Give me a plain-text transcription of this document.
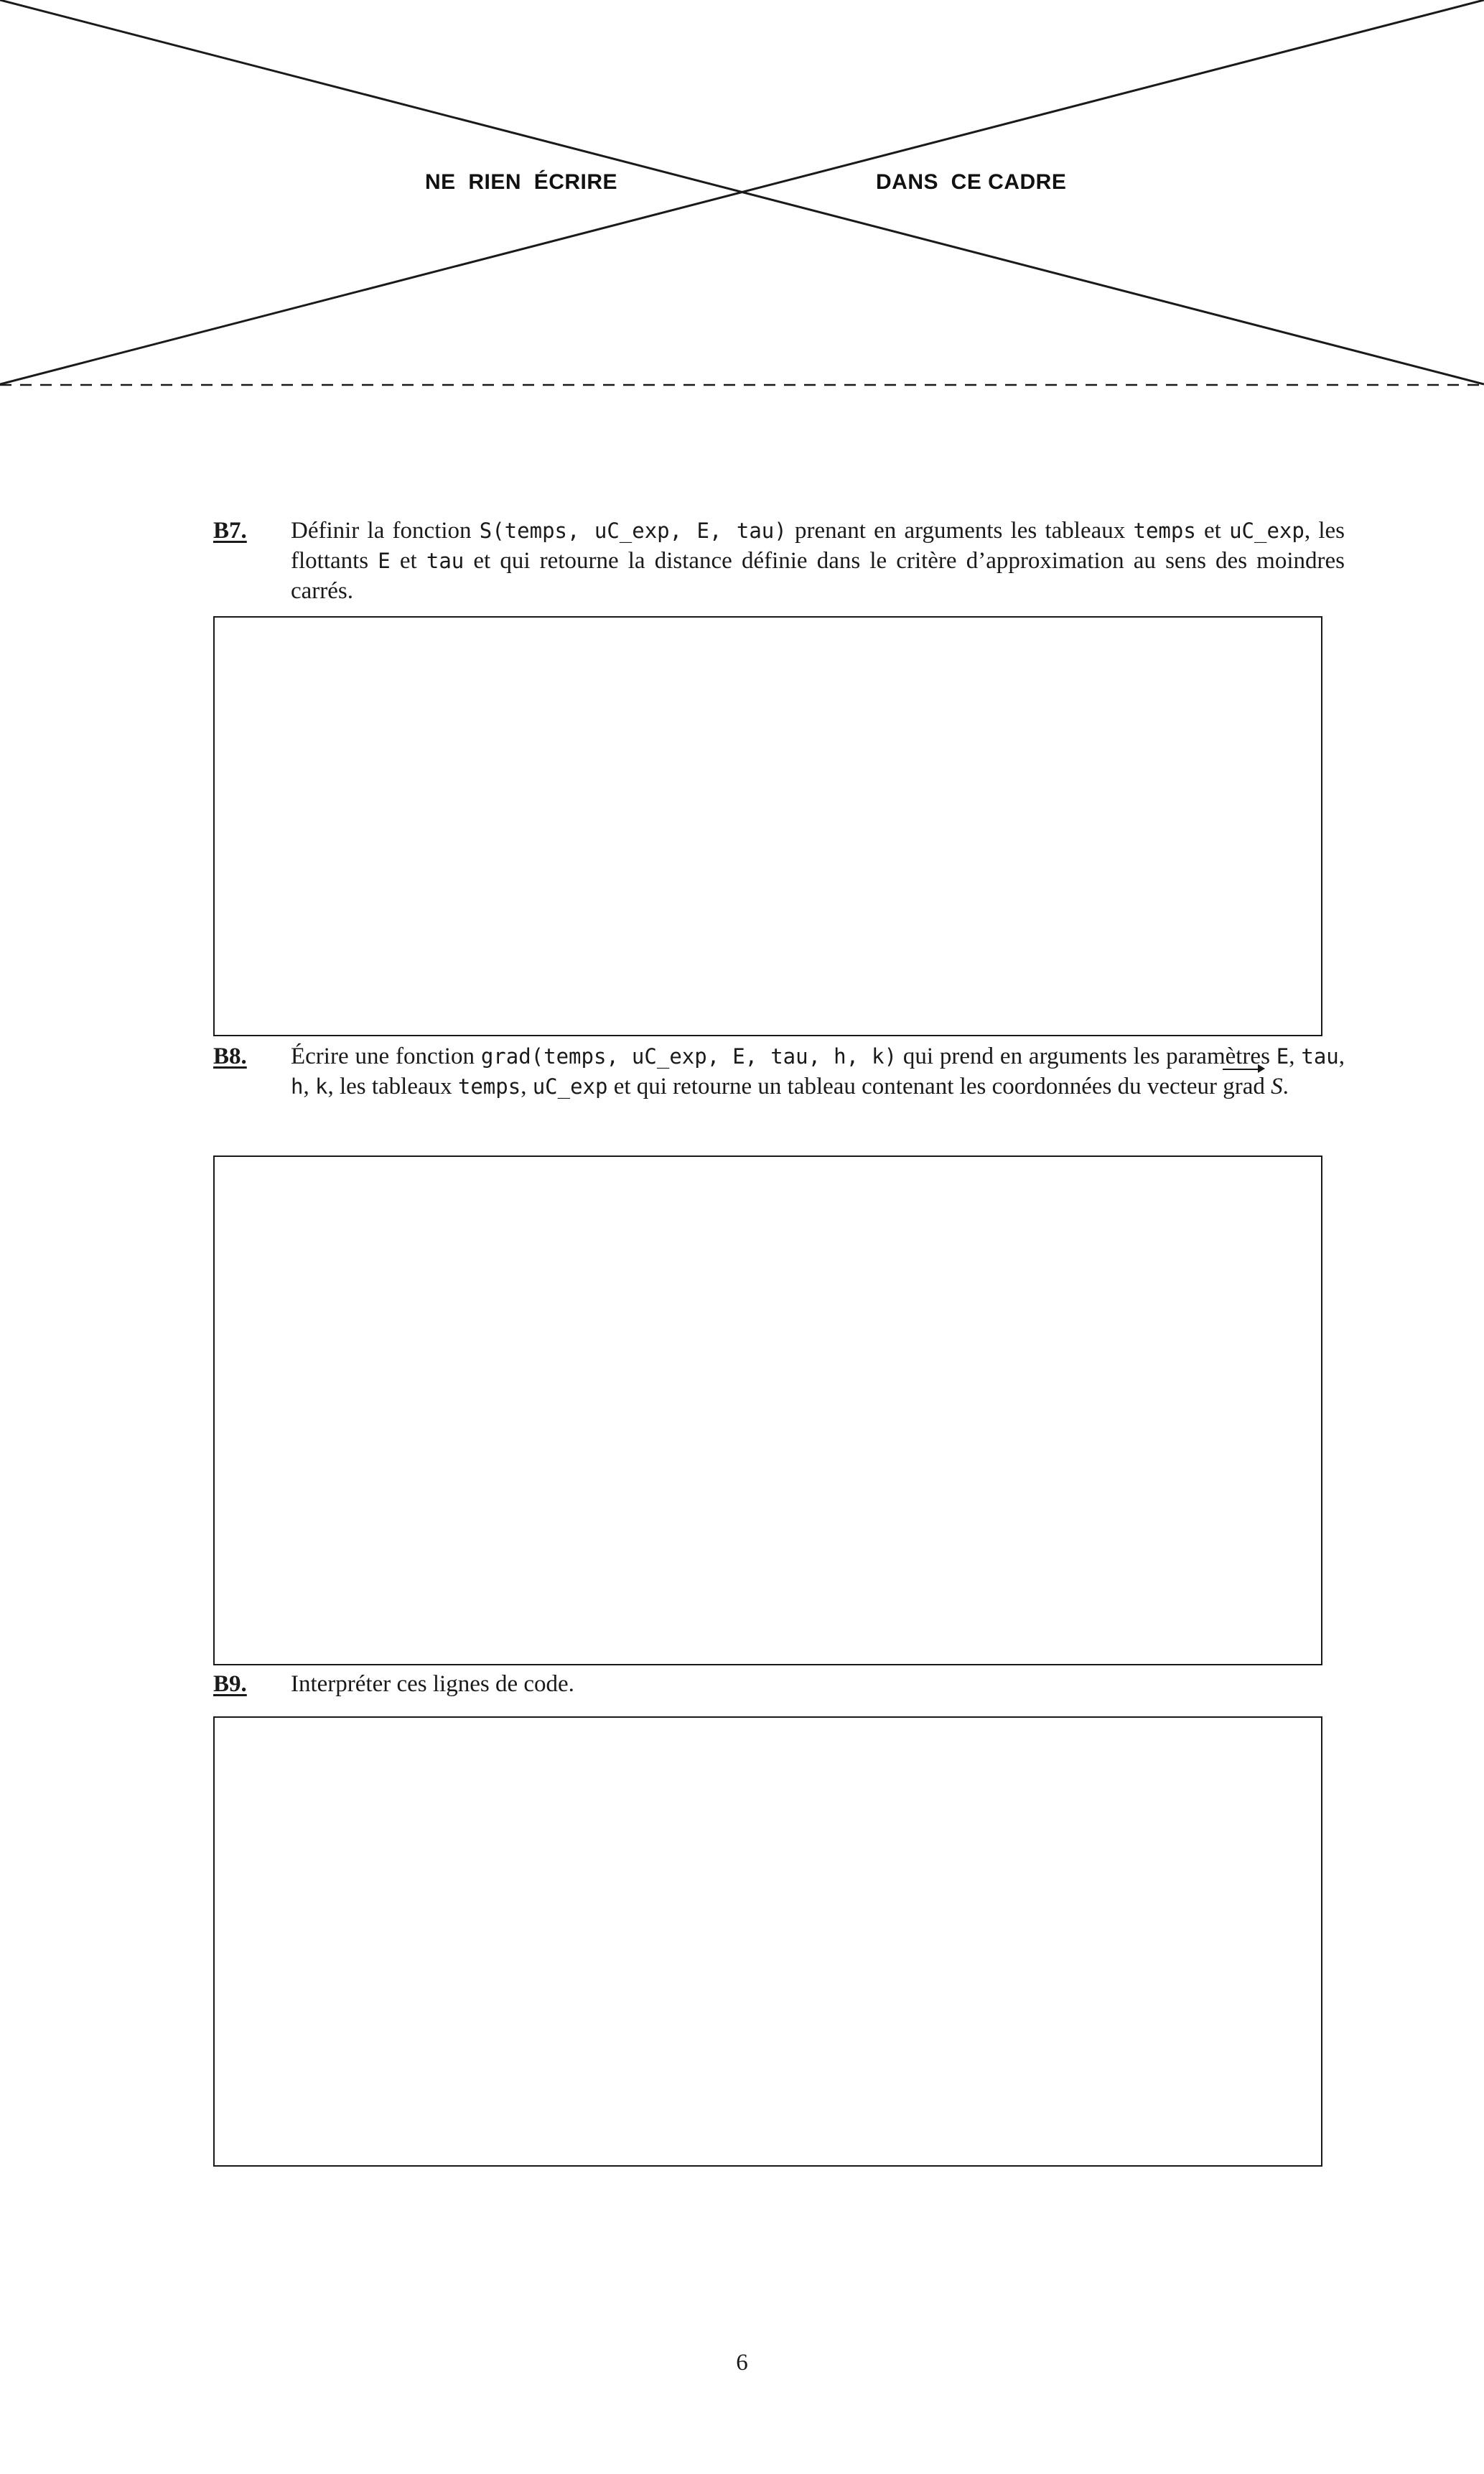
NE  RIEN  ÉCRIRE	DANS  CE CADRE
B7. Définir la fonction S(temps, uC_exp, E, tau) prenant en arguments les tableaux temps et uC_exp, les flottants E et tau et qui retourne la distance définie dans le critère d’approximation au sens des moindres carrés.
B8. Écrire une fonction grad(temps, uC_exp, E, tau, h, k) qui prend en arguments les paramètres E, tau, h, k, les tableaux temps, uC_exp et qui retourne un tableau contenant les coordonnées du vecteur grad S.
B9. Interpréter ces lignes de code.
6
